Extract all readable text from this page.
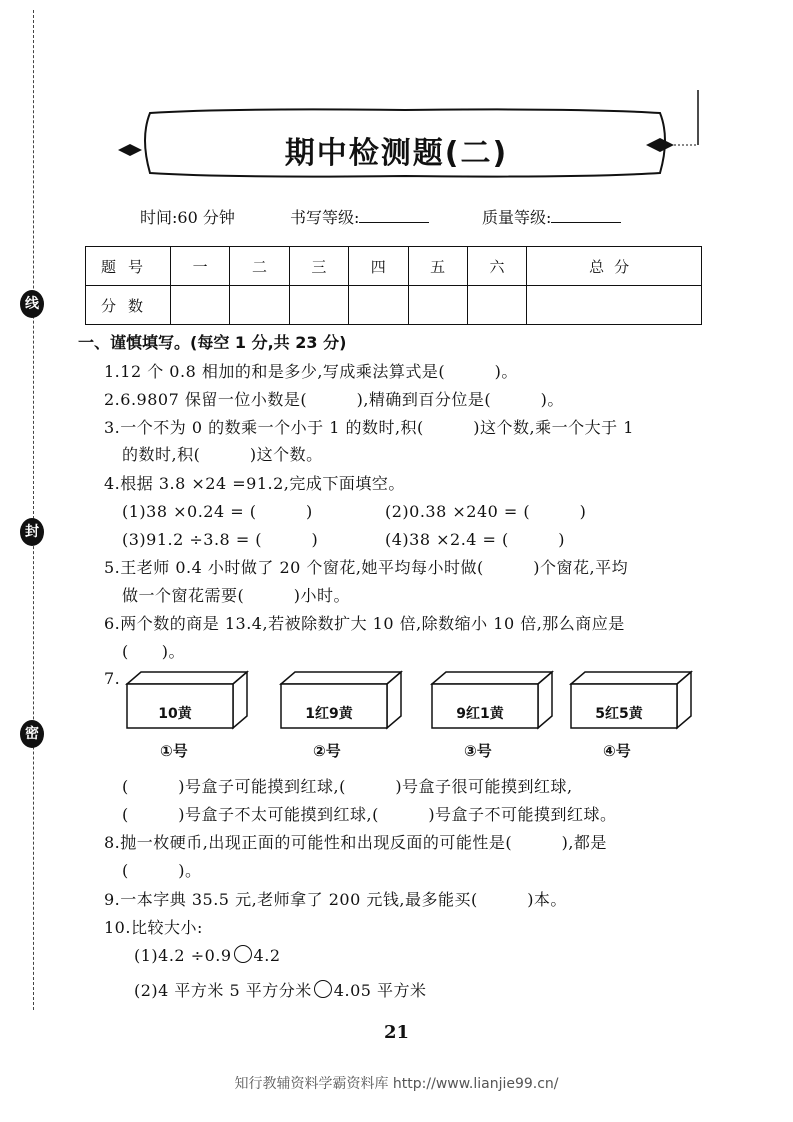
线
封
密
期中检测题(二)
时间:60 分钟	书写等级:	质量等级:
题号	一	二	三	四	五	六	总分
分数							
一、谨慎填写。(每空 1 分,共 23 分)
1.12 个 0.8 相加的和是多少,写成乘法算式是(　　　)。
2.6.9807 保留一位小数是(　　　),精确到百分位是(　　　)。
3.一个不为 0 的数乘一个小于 1 的数时,积(　　　)这个数,乘一个大于 1
的数时,积(　　　)这个数。
4.根据 3.8 ×24 =91.2,完成下面填空。
(1)38 ×0.24 = (　　　)	(2)0.38 ×240 = (　　　)
(3)91.2 ÷3.8 = (　　　)	(4)38 ×2.4 = (　　　)
5.王老师 0.4 小时做了 20 个窗花,她平均每小时做(　　　)个窗花,平均
做一个窗花需要(　　　)小时。
6.两个数的商是 13.4,若被除数扩大 10 倍,除数缩小 10 倍,那么商应是
(　　)。
7.
10黄	1红9黄	9红1黄	5红5黄
①号	②号	③号	④号
(　　　)号盒子可能摸到红球,(　　　)号盒子很可能摸到红球,
(　　　)号盒子不太可能摸到红球,(　　　)号盒子不可能摸到红球。
8.抛一枚硬币,出现正面的可能性和出现反面的可能性是(　　　),都是
(　　　)。
9.一本字典 35.5 元,老师拿了 200 元钱,最多能买(　　　)本。
10.比较大小:
(1)4.2 ÷0.9 4.2
(2)4 平方米 5 平方分米 4.05 平方米
21
知行教辅资料学霸资料库 http://www.lianjie99.cn/
